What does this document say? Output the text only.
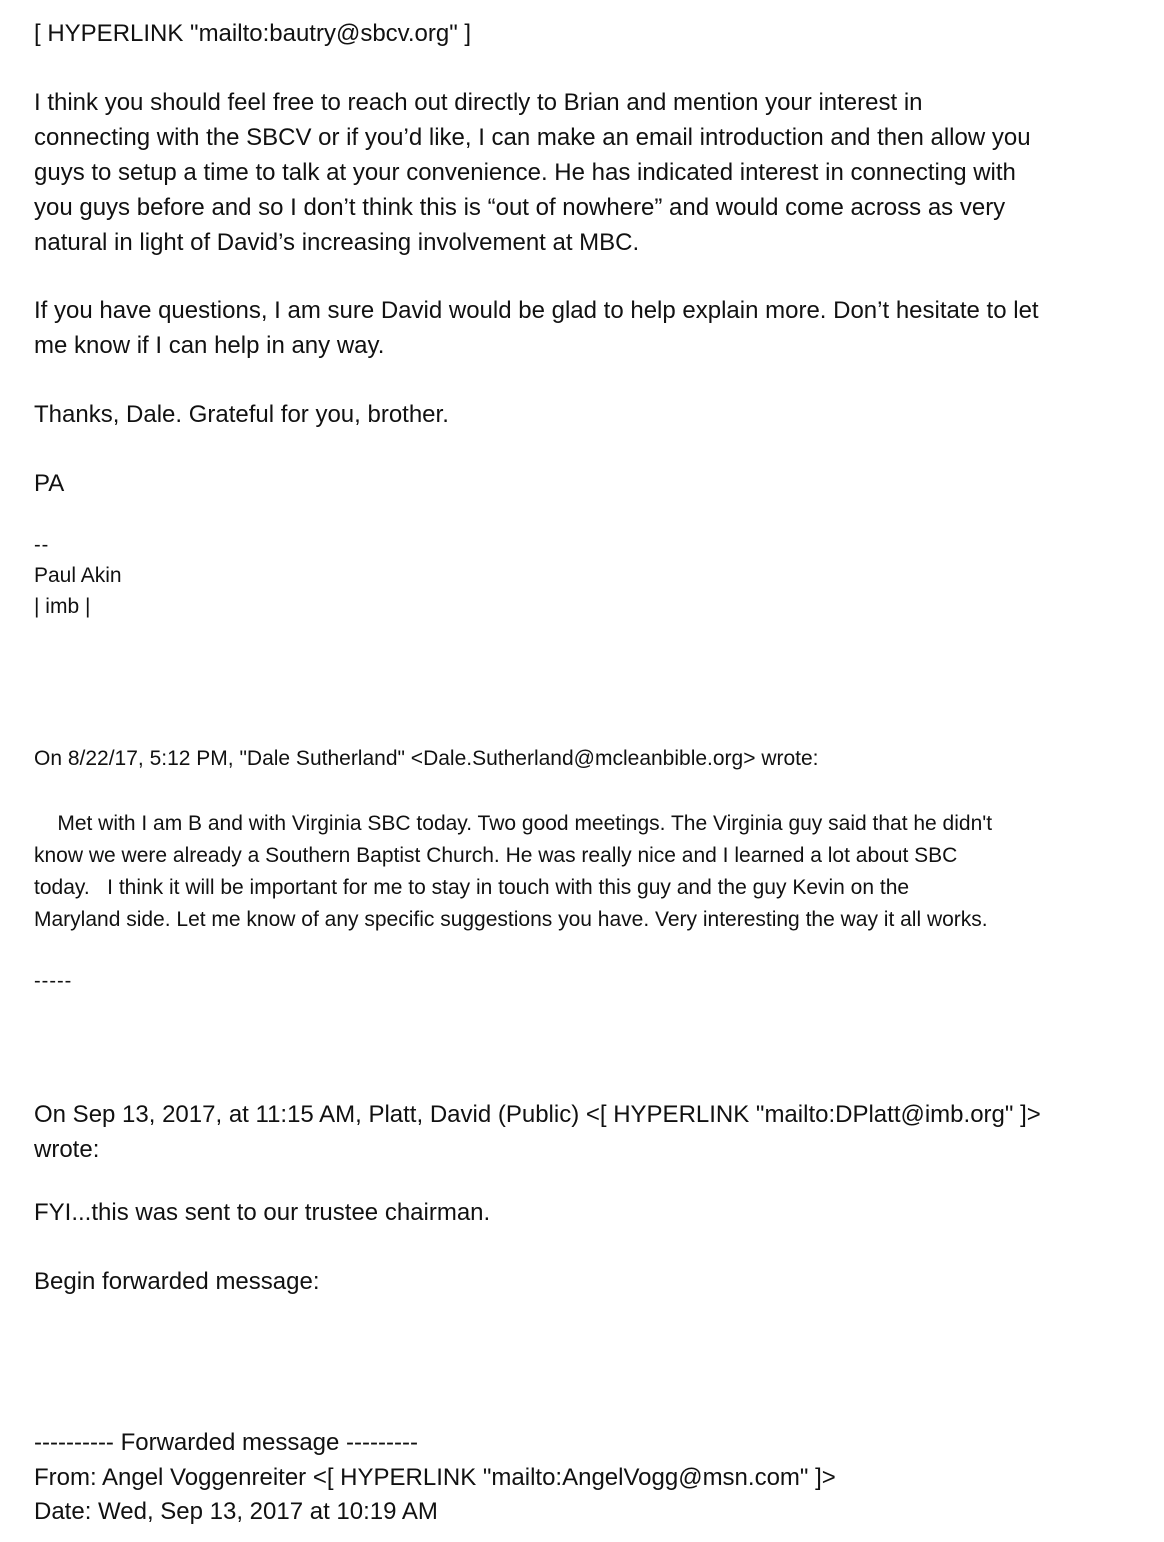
[ HYPERLINK "mailto:bautry@sbcv.org" ]
I think you should feel free to reach out directly to Brian and mention your interest in
connecting with the SBCV or if you’d like, I can make an email introduction and then allow you
guys to setup a time to talk at your convenience. He has indicated interest in connecting with
you guys before and so I don’t think this is “out of nowhere” and would come across as very
natural in light of David’s increasing involvement at MBC.
If you have questions, I am sure David would be glad to help explain more. Don’t hesitate to let
me know if I can help in any way.
Thanks, Dale. Grateful for you, brother.
PA
--
Paul Akin
| imb |
On 8/22/17, 5:12 PM, "Dale Sutherland" <Dale.Sutherland@mcleanbible.org> wrote:
Met with I am B and with Virginia SBC today. Two good meetings. The Virginia guy said that he didn't
know we were already a Southern Baptist Church. He was really nice and I learned a lot about SBC
today.   I think it will be important for me to stay in touch with this guy and the guy Kevin on the
Maryland side. Let me know of any specific suggestions you have. Very interesting the way it all works.
-----
On Sep 13, 2017, at 11:15 AM, Platt, David (Public) <[ HYPERLINK "mailto:DPlatt@imb.org" ]>
wrote:
FYI...this was sent to our trustee chairman.
Begin forwarded message:
---------- Forwarded message ---------
From: Angel Voggenreiter <[ HYPERLINK "mailto:AngelVogg@msn.com" ]>
Date: Wed, Sep 13, 2017 at 10:19 AM
